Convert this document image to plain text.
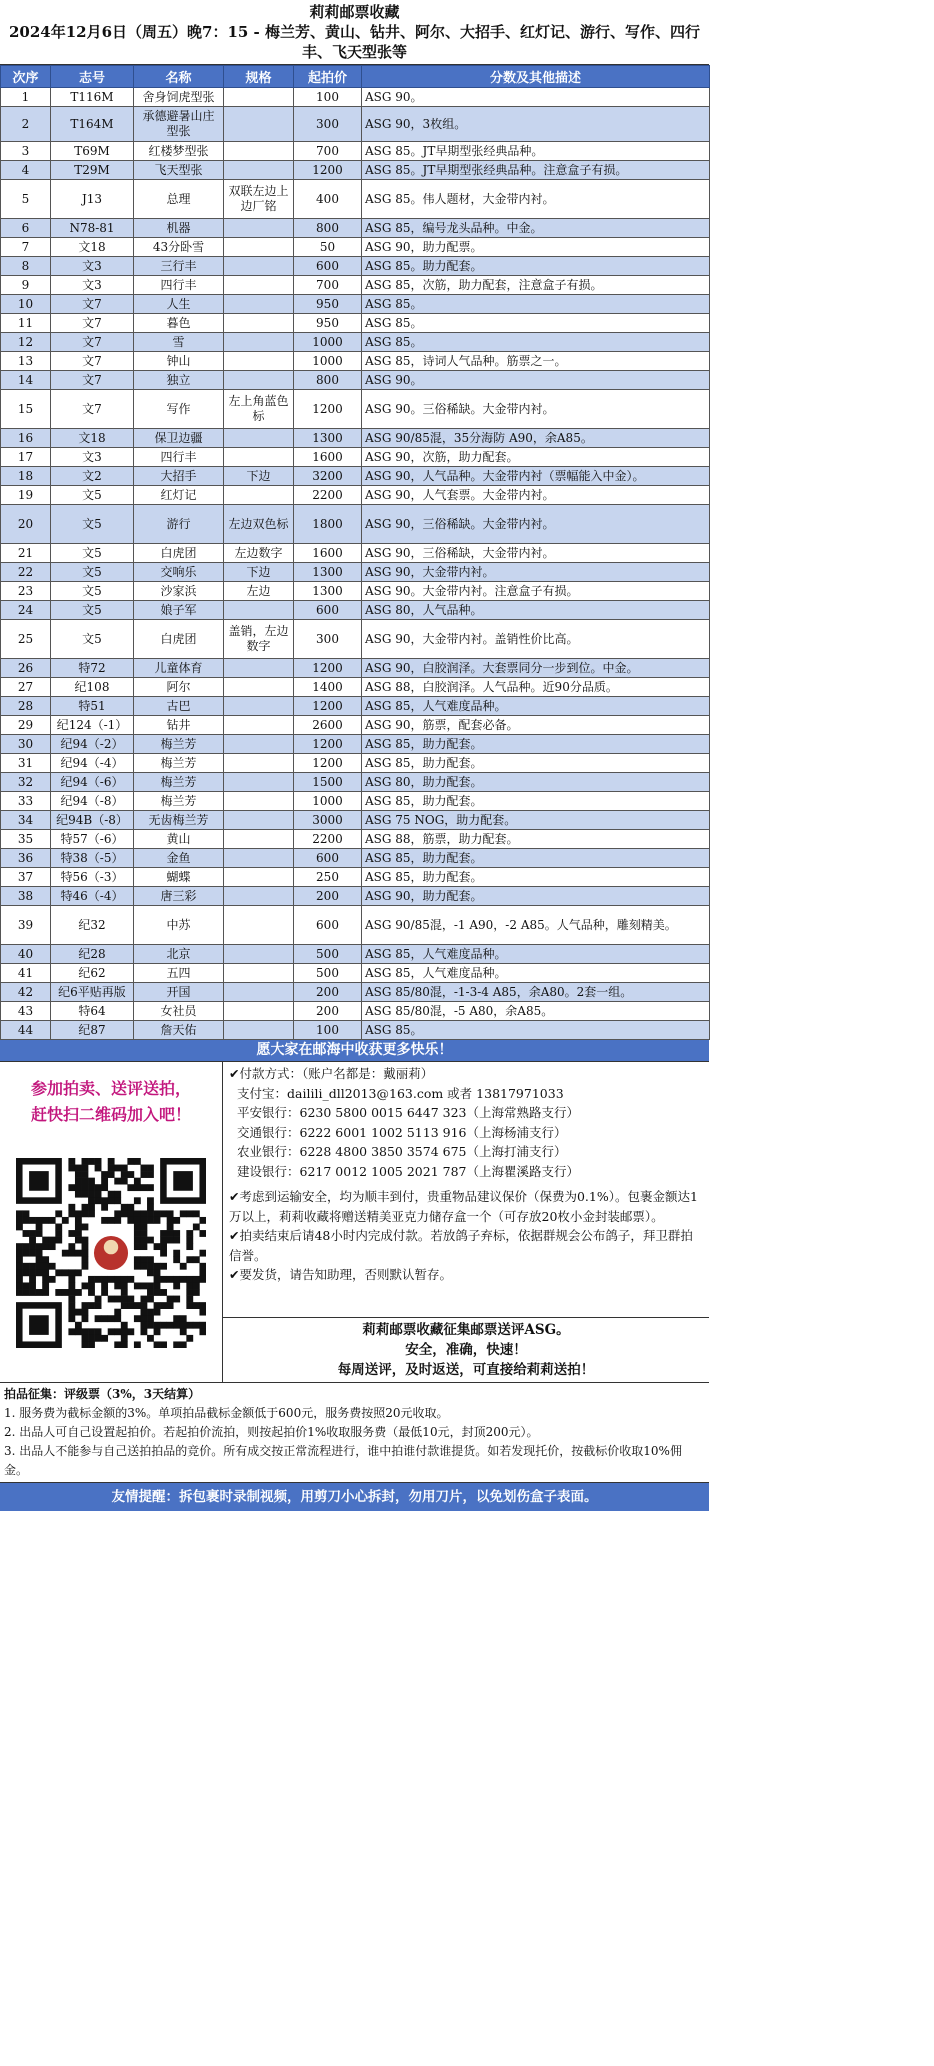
莉莉邮票收藏
2024年12月6日（周五）晚7：15 - 梅兰芳、黄山、钻井、阿尔、大招手、红灯记、游行、写作、四行丰、飞天型张等
次序	志号	名称	规格	起拍价	分数及其他描述
1	T116M	舍身饲虎型张		100	ASG 90。
2	T164M	承德避暑山庄型张		300	ASG 90，3枚组。
3	T69M	红楼梦型张		700	ASG 85。JT早期型张经典品种。
4	T29M	飞天型张		1200	ASG 85。JT早期型张经典品种。注意盒子有损。
5	J13	总理	双联左边上边厂铭	400	ASG 85。伟人题材，大金带内衬。
6	N78-81	机器		800	ASG 85，编号龙头品种。中金。
7	文18	43分卧雪		50	ASG 90，助力配票。
8	文3	三行丰		600	ASG 85。助力配套。
9	文3	四行丰		700	ASG 85，次筋，助力配套，注意盒子有损。
10	文7	人生		950	ASG 85。
11	文7	暮色		950	ASG 85。
12	文7	雪		1000	ASG 85。
13	文7	钟山		1000	ASG 85，诗词人气品种。筋票之一。
14	文7	独立		800	ASG 90。
15	文7	写作	左上角蓝色标	1200	ASG 90。三俗稀缺。大金带内衬。
16	文18	保卫边疆		1300	ASG 90/85混，35分海防 A90，余A85。
17	文3	四行丰		1600	ASG 90，次筋，助力配套。
18	文2	大招手	下边	3200	ASG 90，人气品种。大金带内衬（票幅能入中金）。
19	文5	红灯记		2200	ASG 90，人气套票。大金带内衬。
20	文5	游行	左边双色标	1800	ASG 90，三俗稀缺。大金带内衬。
21	文5	白虎团	左边数字	1600	ASG 90，三俗稀缺，大金带内衬。
22	文5	交响乐	下边	1300	ASG 90，大金带内衬。
23	文5	沙家浜	左边	1300	ASG 90。大金带内衬。注意盒子有损。
24	文5	娘子军		600	ASG 80，人气品种。
25	文5	白虎团	盖销，左边数字	300	ASG 90，大金带内衬。盖销性价比高。
26	特72	儿童体育		1200	ASG 90，白胶润泽。大套票同分一步到位。中金。
27	纪108	阿尔		1400	ASG 88，白胶润泽。人气品种。近90分品质。
28	特51	古巴		1200	ASG 85，人气难度品种。
29	纪124（-1）	钻井		2600	ASG 90，筋票，配套必备。
30	纪94（-2）	梅兰芳		1200	ASG 85，助力配套。
31	纪94（-4）	梅兰芳		1200	ASG 85，助力配套。
32	纪94（-6）	梅兰芳		1500	ASG 80，助力配套。
33	纪94（-8）	梅兰芳		1000	ASG 85，助力配套。
34	纪94B（-8）	无齿梅兰芳		3000	ASG 75 NOG，助力配套。
35	特57（-6）	黄山		2200	ASG 88，筋票，助力配套。
36	特38（-5）	金鱼		600	ASG 85，助力配套。
37	特56（-3）	蝴蝶		250	ASG 85，助力配套。
38	特46（-4）	唐三彩		200	ASG 90，助力配套。
39	纪32	中苏		600	ASG 90/85混，-1 A90，-2 A85。人气品种，雕刻精美。
40	纪28	北京		500	ASG 85，人气难度品种。
41	纪62	五四		500	ASG 85，人气难度品种。
42	纪6平贴再版	开国		200	ASG 85/80混，-1-3-4 A85，余A80。2套一组。
43	特64	女社员		200	ASG 85/80混，-5 A80，余A85。
44	纪87	詹天佑		100	ASG 85。
愿大家在邮海中收获更多快乐！
参加拍卖、送评送拍，
赶快扫二维码加入吧！
✔付款方式：（账户名都是：戴丽莉）
支付宝：dailili_dll2013@163.com 或者 13817971033
平安银行：6230 5800 0015 6447 323（上海常熟路支行）
交通银行：6222 6001 1002 5113 916（上海杨浦支行）
农业银行：6228 4800 3850 3574 675（上海打浦支行）
建设银行：6217 0012 1005 2021 787（上海瞿溪路支行）
✔考虑到运输安全，均为顺丰到付，贵重物品建议保价（保费为0.1%）。包裹金额达1万以上，莉莉收藏将赠送精美亚克力储存盒一个（可存放20枚小金封装邮票）。
✔拍卖结束后请48小时内完成付款。若放鸽子弃标，依据群规会公布鸽子，拜卫群拍信誉。
✔要发货，请告知助理，否则默认暂存。
莉莉邮票收藏征集邮票送评ASG。
安全，准确，快速！
每周送评，及时返送，可直接给莉莉送拍！
拍品征集：评级票（3%，3天结算）
1. 服务费为截标金额的3%。单项拍品截标金额低于600元，服务费按照20元收取。
2. 出品人可自己设置起拍价。若起拍价流拍，则按起拍价1%收取服务费（最低10元，封顶200元）。
3. 出品人不能参与自己送拍拍品的竞价。所有成交按正常流程进行，谁中拍谁付款谁提货。如若发现托价，按截标价收取10%佣金。
友情提醒：拆包裹时录制视频，用剪刀小心拆封，勿用刀片，以免划伤盒子表面。
